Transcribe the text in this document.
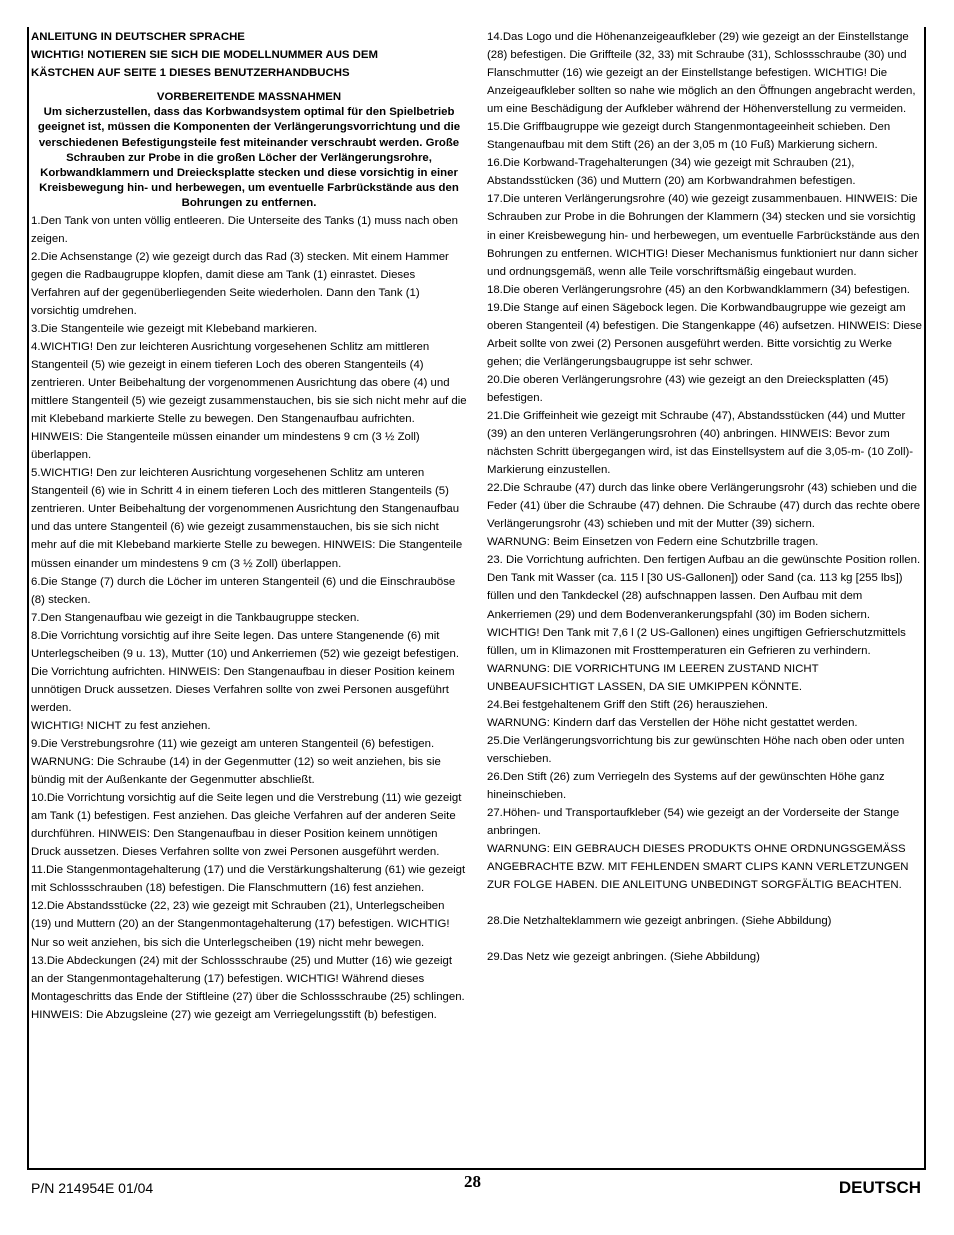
ANLEITUNG IN DEUTSCHER SPRACHE

WICHTIG! NOTIEREN SIE SICH DIE MODELLNUMMER AUS DEM

KÄSTCHEN AUF SEITE 1 DIESES BENUTZERHANDBUCHS

VORBEREITENDE MASSNAHMEN
Um sicherzustellen, dass das Korbwandsystem optimal für den Spielbetrieb geeignet ist, müssen die Komponenten der Verlängerungsvorrichtung und die verschiedenen Befestigungsteile fest miteinander verschraubt werden. Große Schrauben zur Probe in die großen Löcher der Verlängerungsrohre, Korbwandklammern und Dreiecksplatte stecken und diese vorsichtig in einer Kreisbewegung hin- und herbewegen, um eventuelle Farbrückstände aus den Bohrungen zu entfernen.

1.Den Tank von unten völlig entleeren. Die Unterseite des Tanks (1) muss nach oben zeigen.

2.Die Achsenstange (2) wie gezeigt durch das Rad (3) stecken. Mit einem Hammer gegen die Radbaugruppe klopfen, damit diese am Tank (1) einrastet. Dieses Verfahren auf der gegenüberliegenden Seite wiederholen. Dann den Tank (1) vorsichtig umdrehen.

3.Die Stangenteile wie gezeigt mit Klebeband markieren.

4.WICHTIG! Den zur leichteren Ausrichtung vorgesehenen Schlitz am mittleren Stangenteil (5) wie gezeigt in einem tieferen Loch des oberen Stangenteils (4) zentrieren. Unter Beibehaltung der vorgenommenen Ausrichtung das obere (4) und mittlere Stangenteil (5) wie gezeigt zusammenstauchen, bis sie sich nicht mehr auf die mit Klebeband markierte Stelle zu bewegen. Den Stangenaufbau aufrichten. HINWEIS: Die Stangenteile müssen einander um mindestens 9 cm (3 ½ Zoll) überlappen.

5.WICHTIG! Den zur leichteren Ausrichtung vorgesehenen Schlitz am unteren Stangenteil (6) wie in Schritt 4 in einem tieferen Loch des mittleren Stangenteils (5) zentrieren. Unter Beibehaltung der vorgenommenen Ausrichtung den Stangenaufbau und das untere Stangenteil (6) wie gezeigt zusammenstauchen, bis sie sich nicht mehr auf die mit Klebeband markierte Stelle zu bewegen. HINWEIS: Die Stangenteile müssen einander um mindestens 9 cm (3 ½ Zoll) überlappen.

6.Die Stange (7) durch die Löcher im unteren Stangenteil (6) und die Einschrauböse (8) stecken.

7.Den Stangenaufbau wie gezeigt in die Tankbaugruppe stecken.

8.Die Vorrichtung vorsichtig auf ihre Seite legen. Das untere Stangenende (6) mit Unterlegscheiben (9 u. 13), Mutter (10) und Ankerriemen (52) wie gezeigt befestigen. Die Vorrichtung aufrichten. HINWEIS: Den Stangenaufbau in dieser Position keinem unnötigen Druck aussetzen. Dieses Verfahren sollte von zwei Personen ausgeführt werden.

WICHTIG! NICHT zu fest anziehen.

9.Die Verstrebungsrohre (11) wie gezeigt am unteren Stangenteil (6) befestigen.

WARNUNG: Die Schraube (14) in der Gegenmutter (12) so weit anziehen, bis sie bündig mit der Außenkante der Gegenmutter abschließt.

10.Die Vorrichtung vorsichtig auf die Seite legen und die Verstrebung (11) wie gezeigt am Tank (1) befestigen. Fest anziehen. Das gleiche Verfahren auf der anderen Seite durchführen. HINWEIS: Den Stangenaufbau in dieser Position keinem unnötigen Druck aussetzen. Dieses Verfahren sollte von zwei Personen ausgeführt werden.

11.Die Stangenmontagehalterung (17) und die Verstärkungshalterung (61) wie gezeigt mit Schlossschrauben (18) befestigen. Die Flanschmuttern (16) fest anziehen.

12.Die Abstandsstücke (22, 23) wie gezeigt mit Schrauben (21), Unterlegscheiben (19) und Muttern (20) an der Stangenmontagehalterung (17) befestigen. WICHTIG! Nur so weit anziehen, bis sich die Unterlegscheiben (19) nicht mehr bewegen.

13.Die Abdeckungen (24) mit der Schlossschraube (25) und Mutter (16) wie gezeigt an der Stangenmontagehalterung (17) befestigen. WICHTIG! Während dieses Montageschritts das Ende der Stiftleine (27) über die Schlossschraube (25) schlingen. HINWEIS: Die Abzugsleine (27) wie gezeigt am Verriegelungsstift (b) befestigen.

14.Das Logo und die Höhenanzeigeaufkleber (29) wie gezeigt an der Einstellstange (28) befestigen. Die Griffteile (32, 33) mit Schraube (31), Schlossschraube (30) und Flanschmutter (16) wie gezeigt an der Einstellstange befestigen. WICHTIG! Die Anzeigeaufkleber sollten so nahe wie möglich an den Öffnungen angebracht werden, um eine Beschädigung der Aufkleber während der Höhenverstellung zu vermeiden.

15.Die Griffbaugruppe wie gezeigt durch Stangenmontageeinheit schieben. Den Stangenaufbau mit dem Stift (26) an der 3,05 m (10 Fuß) Markierung sichern.

16.Die Korbwand-Tragehalterungen (34) wie gezeigt mit Schrauben (21), Abstandsstücken (36) und Muttern (20) am Korbwandrahmen befestigen.

17.Die unteren Verlängerungsrohre (40) wie gezeigt zusammenbauen. HINWEIS: Die Schrauben zur Probe in die Bohrungen der Klammern (34) stecken und sie vorsichtig in einer Kreisbewegung hin- und herbewegen, um eventuelle Farbrückstände aus den Bohrungen zu entfernen. WICHTIG! Dieser Mechanismus funktioniert nur dann sicher und ordnungsgemäß, wenn alle Teile vorschriftsmäßig eingebaut wurden.

18.Die oberen Verlängerungsrohre (45) an den Korbwandklammern (34) befestigen.

19.Die Stange auf einen Sägebock legen. Die Korbwandbaugruppe wie gezeigt am oberen Stangenteil (4) befestigen. Die Stangenkappe (46) aufsetzen. HINWEIS: Diese Arbeit sollte von zwei (2) Personen ausgeführt werden. Bitte vorsichtig zu Werke gehen; die Verlängerungsbaugruppe ist sehr schwer.

20.Die oberen Verlängerungsrohre (43) wie gezeigt an den Dreiecksplatten (45) befestigen.

21.Die Griffeinheit wie gezeigt mit Schraube (47), Abstandsstücken (44) und Mutter (39) an den unteren Verlängerungsrohren (40) anbringen. HINWEIS: Bevor zum nächsten Schritt übergegangen wird, ist das Einstellsystem auf die 3,05-m- (10 Zoll)-Markierung einzustellen.

22.Die Schraube (47) durch das linke obere Verlängerungsrohr (43) schieben und die Feder (41) über die Schraube (47) dehnen. Die Schraube (47) durch das rechte obere Verlängerungsrohr (43) schieben und mit der Mutter (39) sichern.

WARNUNG: Beim Einsetzen von Federn eine Schutzbrille tragen.

23. Die Vorrichtung aufrichten. Den fertigen Aufbau an die gewünschte Position rollen. Den Tank mit Wasser (ca. 115 l [30 US-Gallonen]) oder Sand (ca. 113 kg [255 lbs]) füllen und den Tankdeckel (28) aufschnappen lassen. Den Aufbau mit dem Ankerriemen (29) und dem Bodenverankerungspfahl (30) im Boden sichern. WICHTIG! Den Tank mit 7,6 l (2 US-Gallonen) eines ungiftigen Gefrierschutzmittels füllen, um in Klimazonen mit Frosttemperaturen ein Gefrieren zu verhindern.

WARNUNG: DIE VORRICHTUNG IM LEEREN ZUSTAND NICHT UNBEAUFSICHTIGT LASSEN, DA SIE UMKIPPEN KÖNNTE.

24.Bei festgehaltenem Griff den Stift (26) herausziehen.

WARNUNG: Kindern darf das Verstellen der Höhe nicht gestattet werden.

25.Die Verlängerungsvorrichtung bis zur gewünschten Höhe nach oben oder unten verschieben.

26.Den Stift (26) zum Verriegeln des Systems auf der gewünschten Höhe ganz hineinschieben.

27.Höhen- und Transportaufkleber (54) wie gezeigt an der Vorderseite der Stange anbringen.

WARNUNG: EIN GEBRAUCH DIESES PRODUKTS OHNE ORDNUNGSGEMÄSS ANGEBRACHTE BZW. MIT FEHLENDEN SMART CLIPS KANN VERLETZUNGEN ZUR FOLGE HABEN. DIE ANLEITUNG UNBEDINGT SORGFÄLTIG BEACHTEN.

28.Die Netzhalteklammern wie gezeigt anbringen. (Siehe Abbildung)

29.Das Netz wie gezeigt anbringen. (Siehe Abbildung)

P/N 214954E 01/04	28	DEUTSCH
